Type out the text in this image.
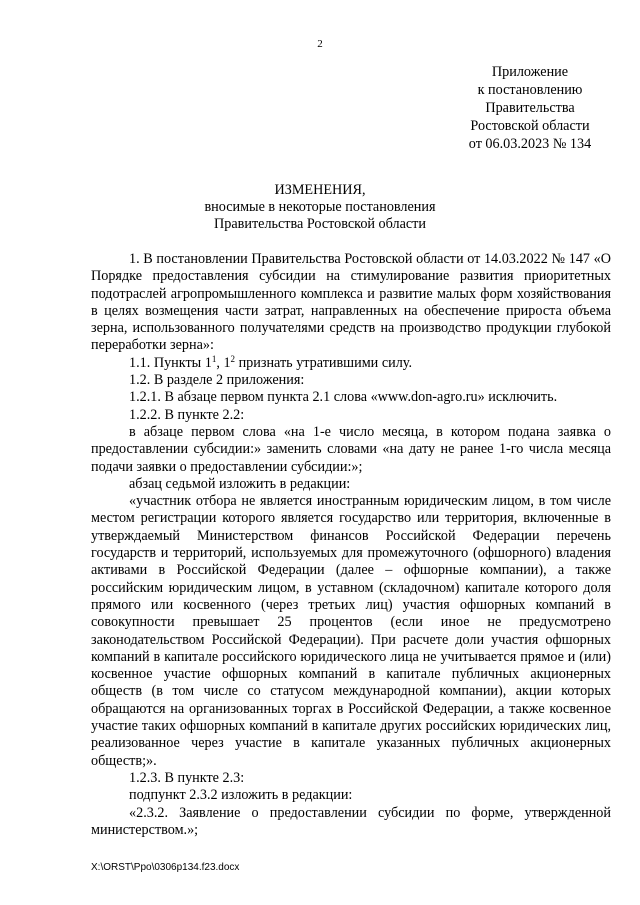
2
Приложение
к постановлению
Правительства
Ростовской области
от 06.03.2023 № 134
ИЗМЕНЕНИЯ,
вносимые в некоторые постановления
Правительства Ростовской области

1. В постановлении Правительства Ростовской области от 14.03.2022 № 147 «О Порядке предоставления субсидии на стимулирование развития приоритетных подотраслей агропромышленного комплекса и развитие малых форм хозяйствования в целях возмещения части затрат, направленных на обеспечение прироста объема зерна, использованного получателями средств на производство продукции глубокой переработки зерна»:

1.1. Пункты $1^1$, $1^2$ признать утратившими силу.

1.2. В разделе 2 приложения:

1.2.1. В абзаце первом пункта 2.1 слова «www.don-agro.ru» исключить.

1.2.2. В пункте 2.2:

в абзаце первом слова «на 1-е число месяца, в котором подана заявка о предоставлении субсидии:» заменить словами «на дату не ранее 1-го числа месяца подачи заявки о предоставлении субсидии:»;

абзац седьмой изложить в редакции:

«участник отбора не является иностранным юридическим лицом, в том числе местом регистрации которого является государство или территория, включенные в утверждаемый Министерством финансов Российской Федерации перечень государств и территорий, используемых для промежуточного (офшорного) владения активами в Российской Федерации (далее – офшорные компании), а также российским юридическим лицом, в уставном (складочном) капитале которого доля прямого или косвенного (через третьих лиц) участия офшорных компаний в совокупности превышает 25 процентов (если иное не предусмотрено законодательством Российской Федерации). При расчете доли участия офшорных компаний в капитале российского юридического лица не учитывается прямое и (или) косвенное участие офшорных компаний в капитале публичных акционерных обществ (в том числе со статусом международной компании), акции которых обращаются на организованных торгах в Российской Федерации, а также косвенное участие таких офшорных компаний в капитале других российских юридических лиц, реализованное через участие в капитале указанных публичных акционерных обществ;».

1.2.3. В пункте 2.3:

подпункт 2.3.2 изложить в редакции:

«2.3.2. Заявление о предоставлении субсидии по форме, утвержденной министерством.»;

X:\ORST\Ppo\0306p134.f23.docx
